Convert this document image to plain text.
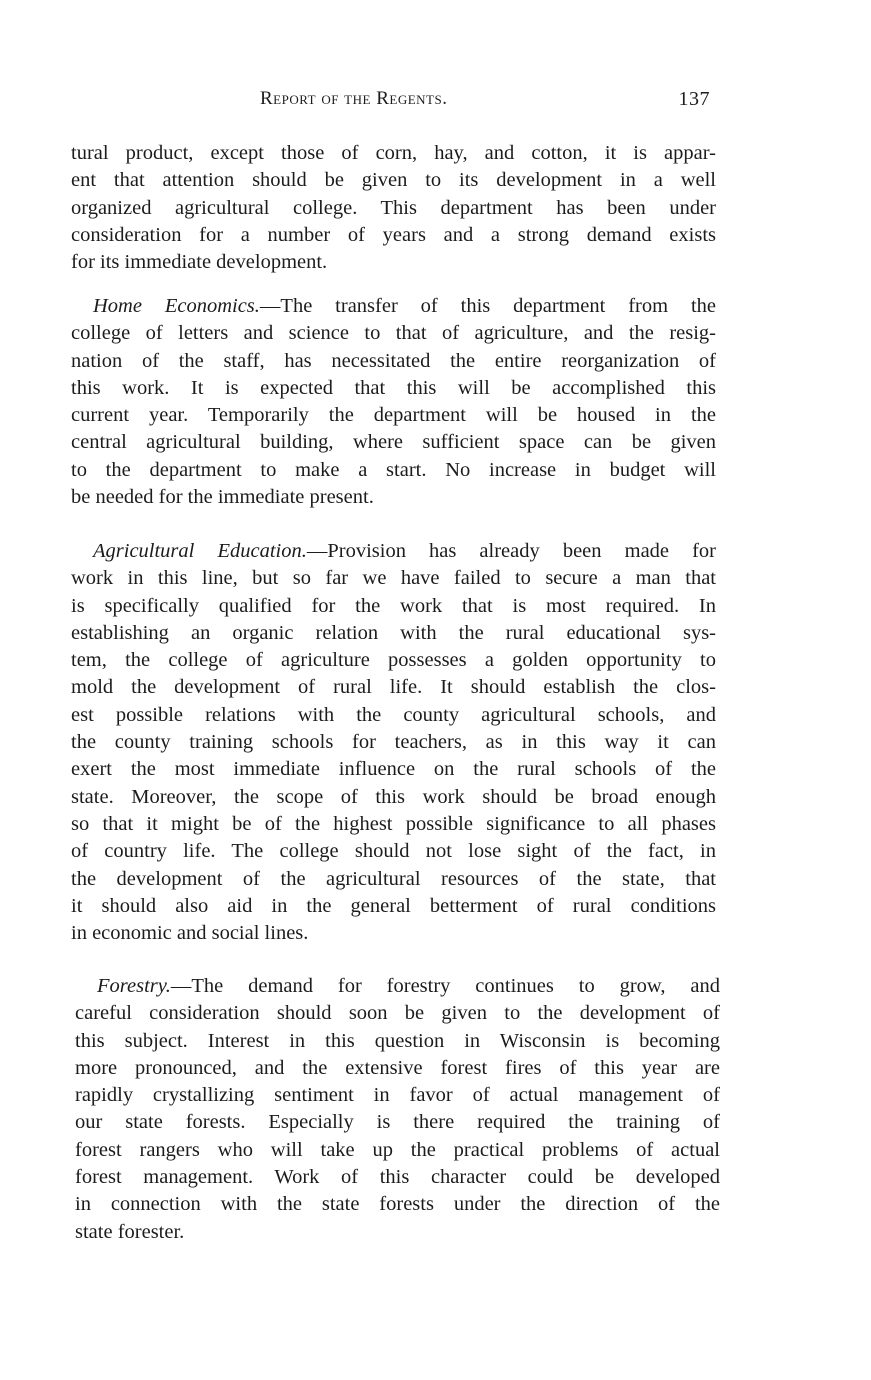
Report of the Regents.	137
tural product, except those of corn, hay, and cotton, it is appar-
ent that attention should be given to its development in a well
organized agricultural college. This department has been under
consideration for a number of years and a strong demand exists
for its immediate development.
Home Economics.—The transfer of this department from the
college of letters and science to that of agriculture, and the resig-
nation of the staff, has necessitated the entire reorganization of
this work. It is expected that this will be accomplished this
current year. Temporarily the department will be housed in the
central agricultural building, where sufficient space can be given
to the department to make a start. No increase in budget will
be needed for the immediate present.
Agricultural Education.—Provision has already been made for
work in this line, but so far we have failed to secure a man that
is specifically qualified for the work that is most required. In
establishing an organic relation with the rural educational sys-
tem, the college of agriculture possesses a golden opportunity to
mold the development of rural life. It should establish the clos-
est possible relations with the county agricultural schools, and
the county training schools for teachers, as in this way it can
exert the most immediate influence on the rural schools of the
state. Moreover, the scope of this work should be broad enough
so that it might be of the highest possible significance to all phases
of country life. The college should not lose sight of the fact, in
the development of the agricultural resources of the state, that
it should also aid in the general betterment of rural conditions
in economic and social lines.
Forestry.—The demand for forestry continues to grow, and
careful consideration should soon be given to the development of
this subject. Interest in this question in Wisconsin is becoming
more pronounced, and the extensive forest fires of this year are
rapidly crystallizing sentiment in favor of actual management of
our state forests. Especially is there required the training of
forest rangers who will take up the practical problems of actual
forest management. Work of this character could be developed
in connection with the state forests under the direction of the
state forester.
